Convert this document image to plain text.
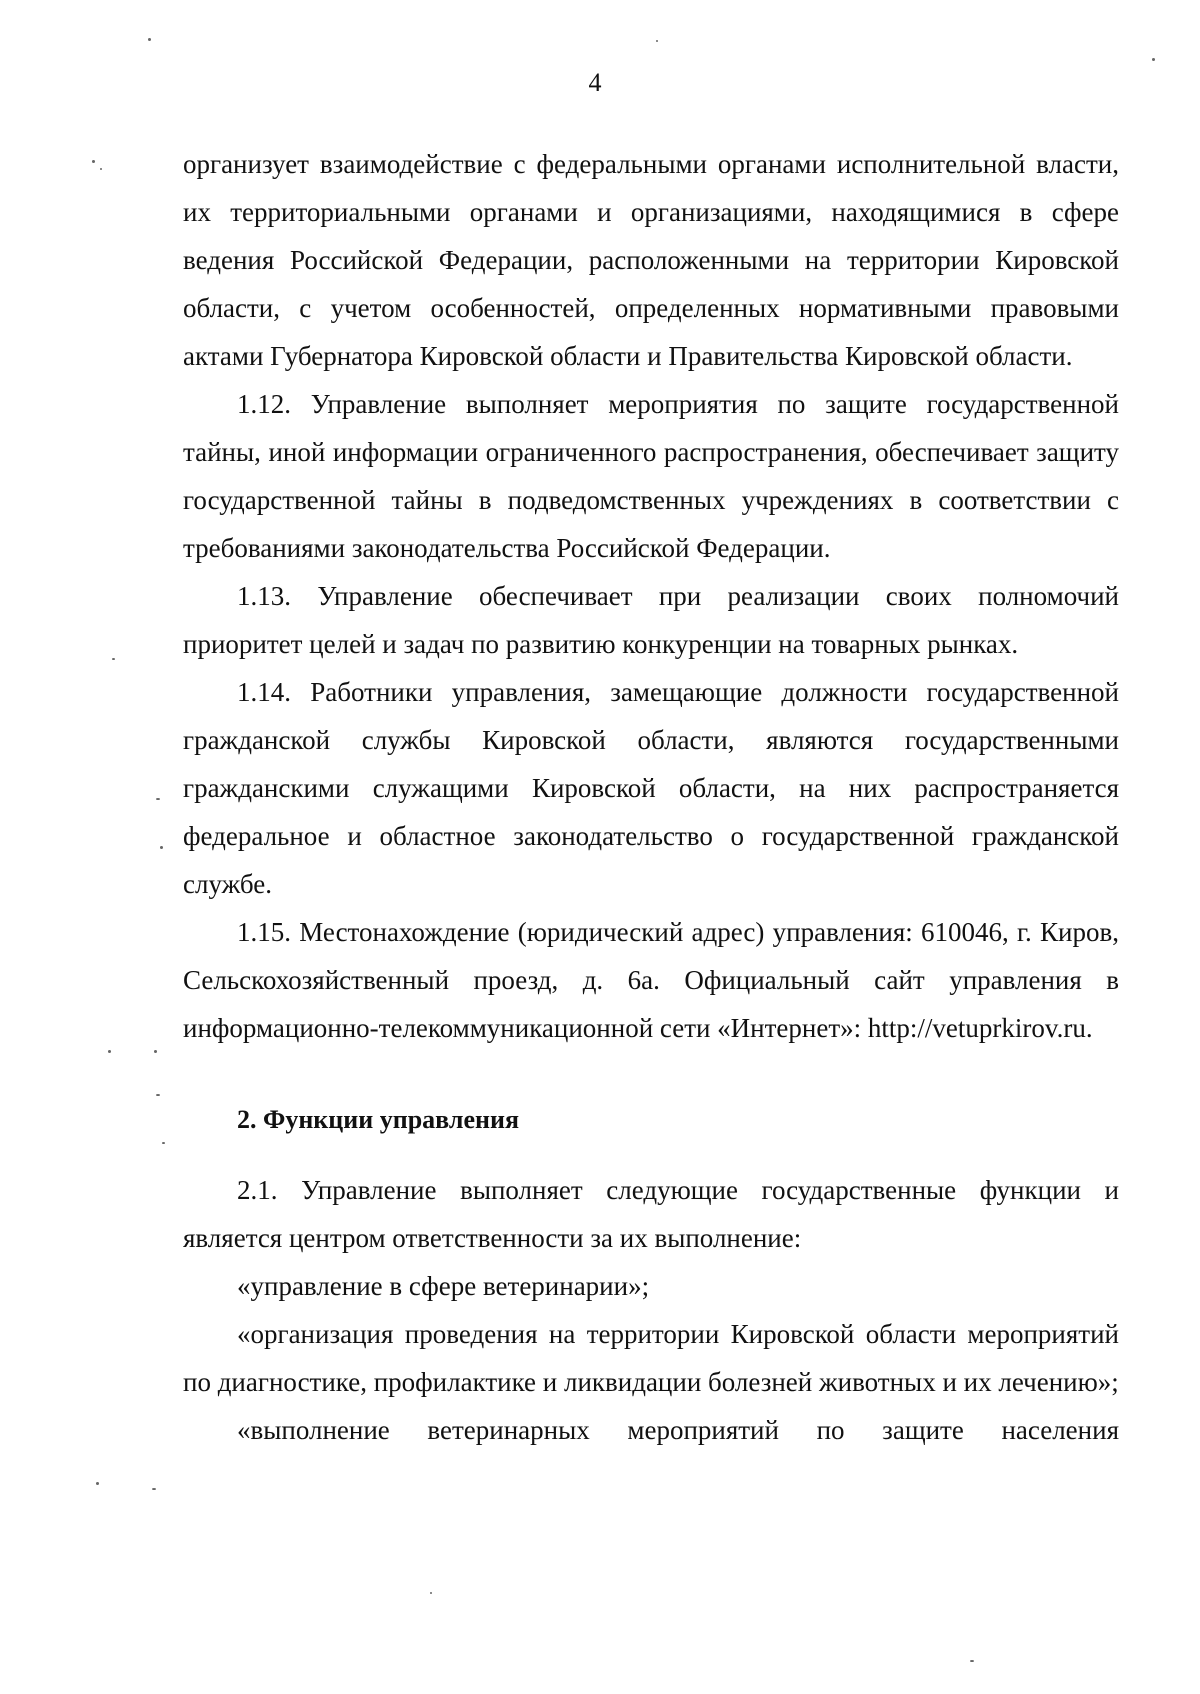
4

организует взаимодействие с федеральными органами исполнительной власти, их территориальными органами и организациями, находящимися в сфере ведения Российской Федерации, расположенными на территории Кировской области, с учетом особенностей, определенных нормативными правовыми актами Губернатора Кировской области и Правительства Кировской области.

1.12. Управление выполняет мероприятия по защите государственной тайны, иной информации ограниченного распространения, обеспечивает защиту государственной тайны в подведомственных учреждениях в соответствии с требованиями законодательства Российской Федерации.

1.13. Управление обеспечивает при реализации своих полномочий приоритет целей и задач по развитию конкуренции на товарных рынках.

1.14. Работники управления, замещающие должности государственной гражданской службы Кировской области, являются государственными гражданскими служащими Кировской области, на них распространяется федеральное и областное законодательство о государственной гражданской службе.

1.15. Местонахождение (юридический адрес) управления: 610046, г. Киров, Сельскохозяйственный проезд, д. 6а. Официальный сайт управления в информационно-телекоммуникационной сети «Интернет»: http://vetuprkirov.ru.

2. Функции управления

2.1. Управление выполняет следующие государственные функции и является центром ответственности за их выполнение:

«управление в сфере ветеринарии»;

«организация проведения на территории Кировской области мероприятий по диагностике, профилактике и ликвидации болезней животных и их лечению»;

«выполнение ветеринарных мероприятий по защите населения
